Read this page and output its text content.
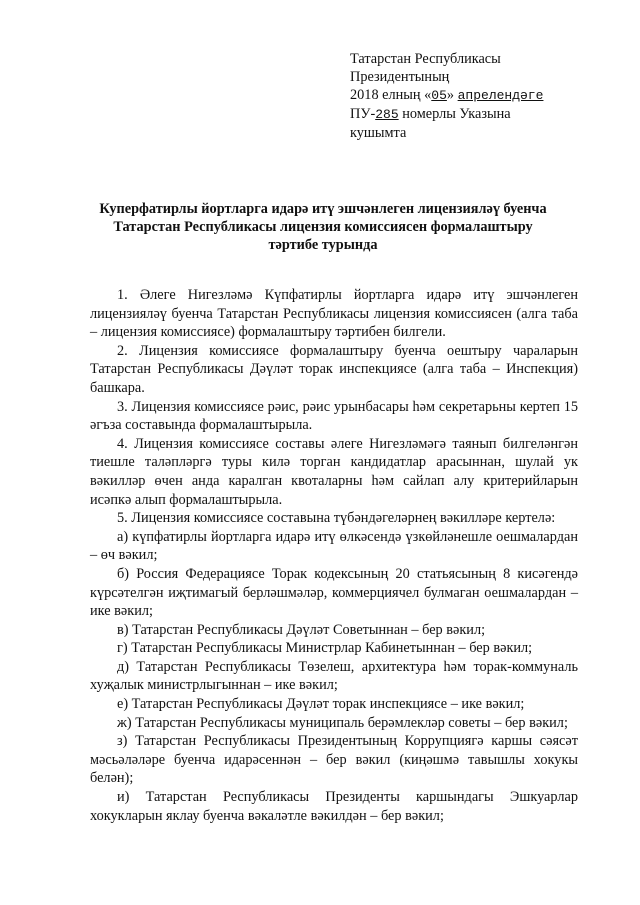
Татарстан Республикасы
Президентының
2018 елның «05» апрелендәге
ПУ-285 номерлы Указына
кушымта
Куперфатирлы йортларга идарә итү эшчәнлеген лицензияләү буенча Татарстан Республикасы лицензия комиссиясен формалаштыру тәртибе турында

1. Әлеге Нигезләмә Күпфатирлы йортларга идарә итү эшчәнлеген лицензияләү буенча Татарстан Республикасы лицензия комиссиясен (алга таба – лицензия комиссиясе) формалаштыру тәртибен билгели.

2. Лицензия комиссиясе формалаштыру буенча оештыру чараларын Татарстан Республикасы Дәүләт торак инспекциясе (алга таба – Инспекция) башкара.

3. Лицензия комиссиясе рәис, рәис урынбасары һәм секретарьны кертеп 15 әгъза составында формалаштырыла.

4. Лицензия комиссиясе составы әлеге Нигезләмәгә таянып билгеләнгән тиешле таләпләргә туры килә торган кандидатлар арасыннан, шулай ук вәкилләр өчен анда каралган квоталарны һәм сайлап алу критерийларын исәпкә алып формалаштырыла.

5. Лицензия комиссиясе составына түбәндәгеләрнең вәкилләре кертелә:

а) күпфатирлы йортларга идарә итү өлкәсендә үзкөйләнешле оешмалардан – өч вәкил;

б) Россия Федерациясе Торак кодексының 20 статьясының 8 кисәгендә күрсәтелгән иҗтимагый берләшмәләр, коммерциячел булмаган оешмалардан – ике вәкил;

в) Татарстан Республикасы Дәүләт Советыннан – бер вәкил;

г) Татарстан Республикасы Министрлар Кабинетыннан – бер вәкил;

д) Татарстан Республикасы Төзелеш, архитектура һәм торак-коммуналь хуҗалык министрлыгыннан – ике вәкил;

е) Татарстан Республикасы Дәүләт торак инспекциясе – ике вәкил;

ж) Татарстан Республикасы муниципаль берәмлекләр советы – бер вәкил;

з) Татарстан Республикасы Президентының Коррупциягә каршы сәясәт мәсьәләләре буенча идарәсеннән – бер вәкил (киңәшмә тавышлы хокукы белән);

и) Татарстан Республикасы Президенты каршындагы Эшкуарлар хокукларын яклау буенча вәкаләтле вәкилдән – бер вәкил;
